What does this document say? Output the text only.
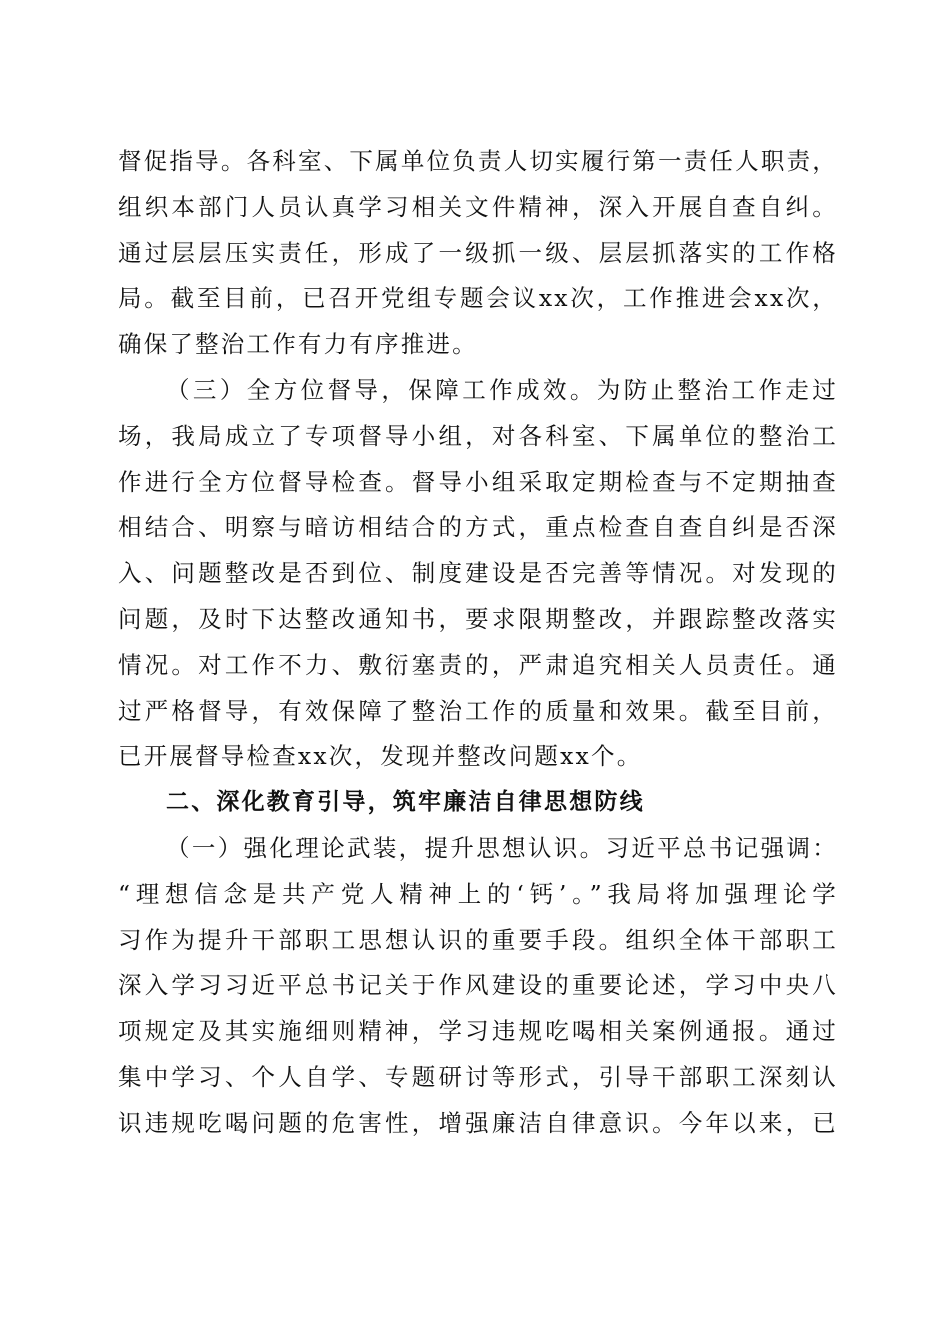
督促指导。各科室、下属单位负责人切实履行第一责任人职责，
组织本部门人员认真学习相关文件精神，深入开展自查自纠。
通过层层压实责任，形成了一级抓一级、层层抓落实的工作格
局。截至目前，已召开党组专题会议xx次，工作推进会xx次，
确保了整治工作有力有序推进。
（三）全方位督导，保障工作成效。为防止整治工作走过
场，我局成立了专项督导小组，对各科室、下属单位的整治工
作进行全方位督导检查。督导小组采取定期检查与不定期抽查
相结合、明察与暗访相结合的方式，重点检查自查自纠是否深
入、问题整改是否到位、制度建设是否完善等情况。对发现的
问题，及时下达整改通知书，要求限期整改，并跟踪整改落实
情况。对工作不力、敷衍塞责的，严肃追究相关人员责任。通
过严格督导，有效保障了整治工作的质量和效果。截至目前，
已开展督导检查xx次，发现并整改问题xx个。
二、深化教育引导，筑牢廉洁自律思想防线
（一）强化理论武装，提升思想认识。习近平总书记强调：
“理想信念是共产党人精神上的‘钙’。”我局将加强理论学
习作为提升干部职工思想认识的重要手段。组织全体干部职工
深入学习习近平总书记关于作风建设的重要论述，学习中央八
项规定及其实施细则精神，学习违规吃喝相关案例通报。通过
集中学习、个人自学、专题研讨等形式，引导干部职工深刻认
识违规吃喝问题的危害性，增强廉洁自律意识。今年以来，已
